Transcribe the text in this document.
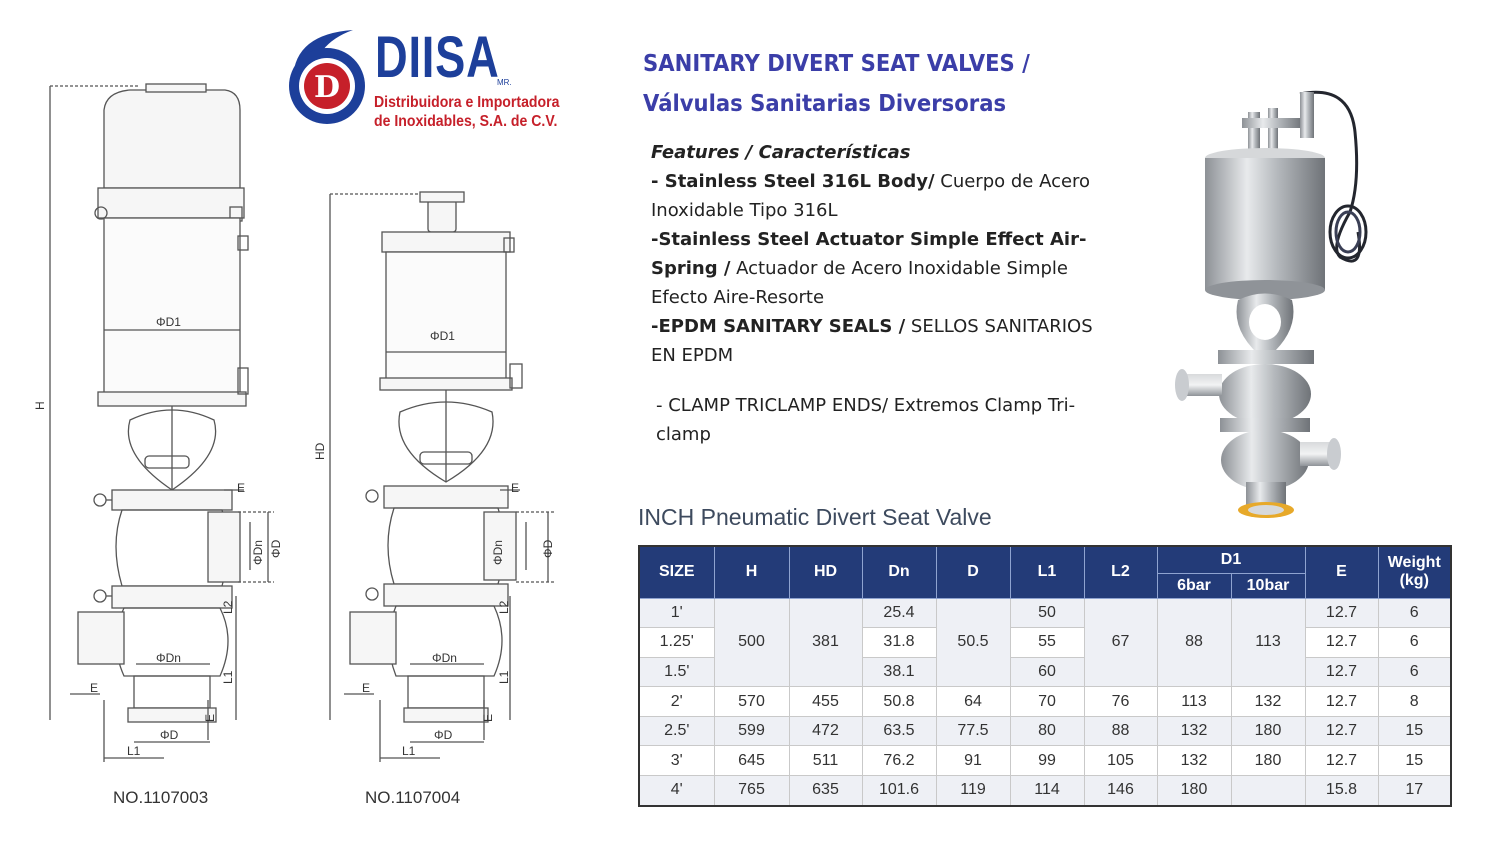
H
ΦD1
E
ΦDn ΦD
L2
ΦDn
L1
E
E
ΦD
L1
HD
ΦD1
E
ΦDn	ΦD
L2
ΦDn
L1
E
E
ΦD
L1
NO.1107003	NO.1107004
D DIISA
MR.
Distribuidora e Importadora
de Inoxidables, S.A. de C.V.
SANITARY DIVERT SEAT VALVES /
Válvulas Sanitarias Diversoras

Features / Características

- Stainless Steel 316L Body/ Cuerpo de Acero Inoxidable Tipo 316L

-Stainless Steel Actuator Simple Effect Air-Spring / Actuador de Acero Inoxidable Simple Efecto Aire-Resorte

-EPDM SANITARY SEALS / SELLOS SANITARIOS EN EPDM

- CLAMP TRICLAMP ENDS/ Extremos Clamp Tri-clamp
INCH Pneumatic Divert Seat Valve
SIZE	H	HD	Dn	D	L1	L2	D1		E	Weight (kg)
							6bar	10bar		
1'	500	381	25.4	50.5	50	67	88	113	12.7	6
1.25'			31.8		55				12.7	6
1.5'			38.1		60				12.7	6
2'	570	455	50.8	64	70	76	113	132	12.7	8
2.5'	599	472	63.5	77.5	80	88	132	180	12.7	15
3'	645	511	76.2	91	99	105	132	180	12.7	15
4'	765	635	101.6	119	114	146	180		15.8	17
